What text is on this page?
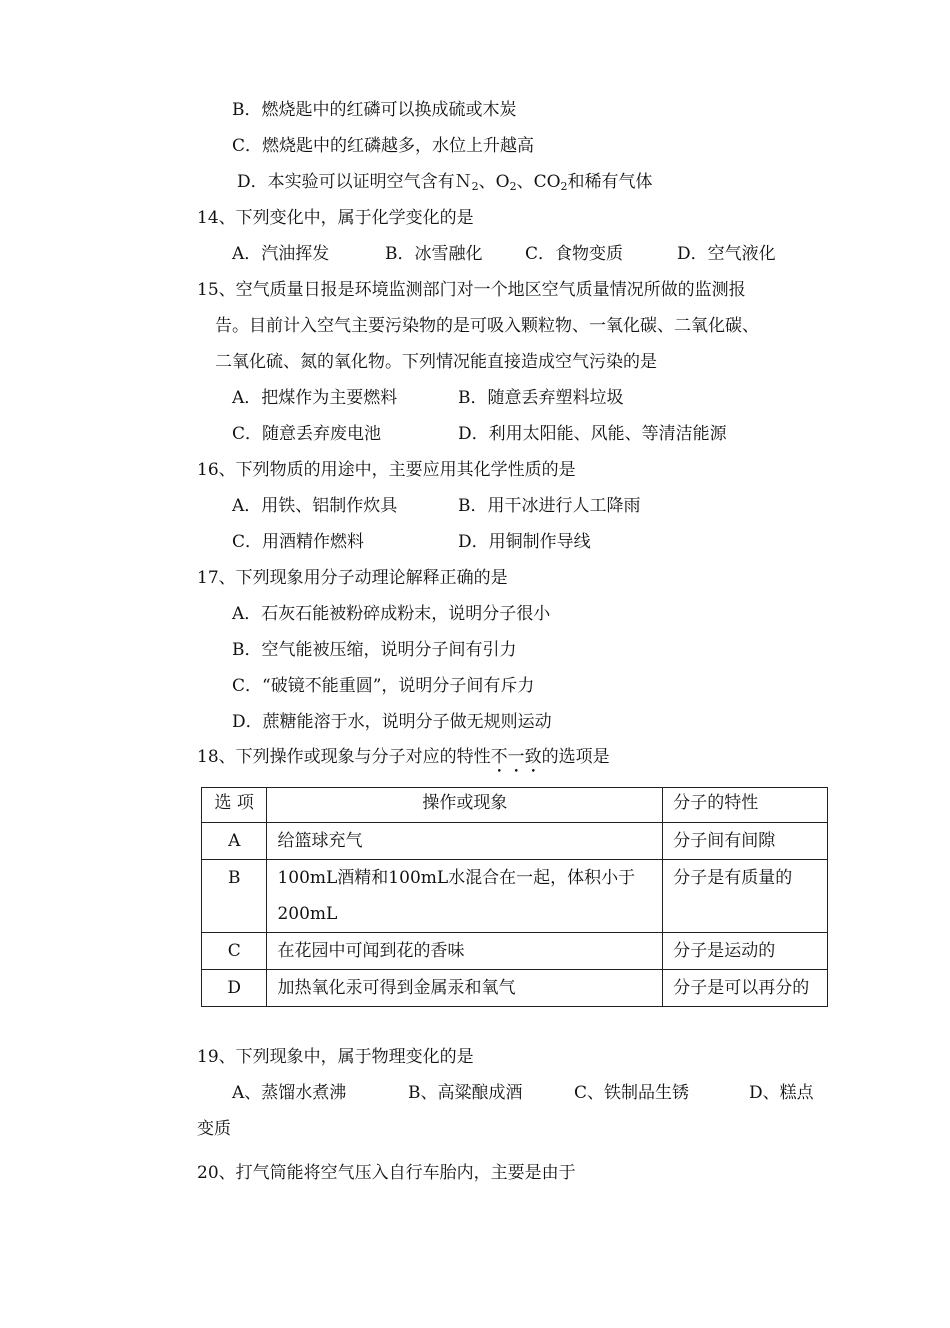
B．燃烧匙中的红磷可以换成硫或木炭
C．燃烧匙中的红磷越多，水位上升越高
D．本实验可以证明空气含有Ｎ$_2$、$O_2$、$CO_2$和稀有气体
14、下列变化中，属于化学变化的是
A．汽油挥发	B．冰雪融化	C．食物变质	D．空气液化
15、空气质量日报是环境监测部门对一个地区空气质量情况所做的监测报
告。目前计入空气主要污染物的是可吸入颗粒物、一氧化碳、二氧化碳、
二氧化硫、氮的氧化物。下列情况能直接造成空气污染的是
A．把煤作为主要燃料	B．随意丢弃塑料垃圾
C．随意丢弃废电池	D．利用太阳能、风能、等清洁能源
16、下列物质的用途中，主要应用其化学性质的是
A．用铁、铝制作炊具	B．用干冰进行人工降雨
C．用酒精作燃料	D．用铜制作导线
17、下列现象用分子动理论解释正确的是
A．石灰石能被粉碎成粉末，说明分子很小
B．空气能被压缩，说明分子间有引力
C．“破镜不能重圆”，说明分子间有斥力
D．蔗糖能溶于水，说明分子做无规则运动
18、下列操作或现象与分子对应的特性不一致的选项是
选 项	操作或现象	分子的特性
A	给篮球充气	分子间有间隙
B	100mL酒精和100mL水混合在一起，体积小于200mL	分子是有质量的
C	在花园中可闻到花的香味	分子是运动的
D	加热氧化汞可得到金属汞和氧气	分子是可以再分的
19、下列现象中，属于物理变化的是
A、蒸馏水煮沸	B、高粱酿成酒	C、铁制品生锈	D、糕点
变质
20、打气筒能将空气压入自行车胎内，主要是由于
